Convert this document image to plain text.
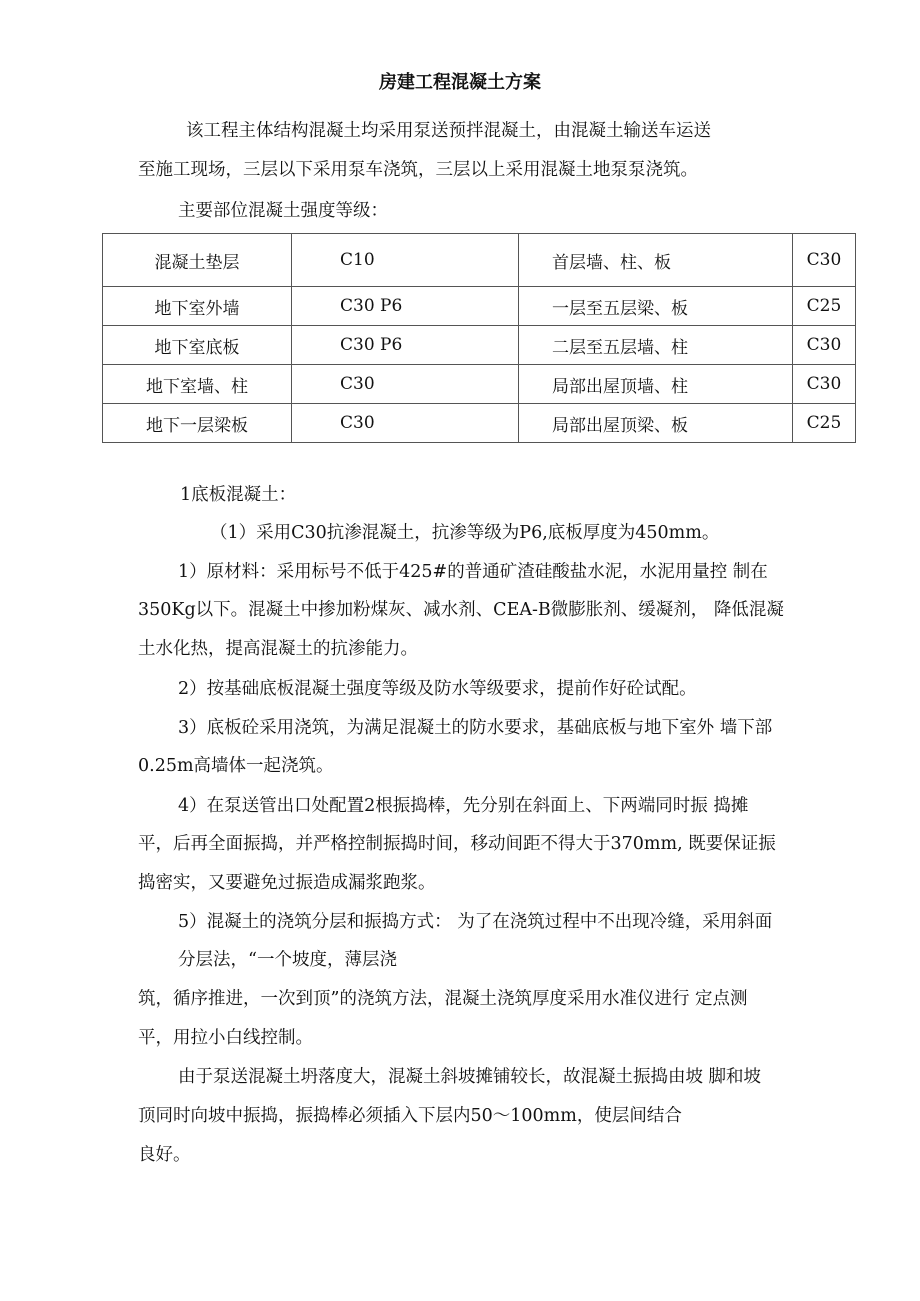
房建工程混凝土方案
该工程主体结构混凝土均采用泵送预拌混凝土，由混凝土输送车运送
至施工现场，三层以下采用泵车浇筑，三层以上采用混凝土地泵泵浇筑。
主要部位混凝土强度等级：
混凝土垫层	C10	首层墙、柱、板	C30
地下室外墙	C30 P6	一层至五层梁、板	C25
地下室底板	C30 P6	二层至五层墙、柱	C30
地下室墙、柱	C30	局部出屋顶墙、柱	C30
地下一层梁板	C30	局部出屋顶梁、板	C25
1底板混凝土：
（1）采用C30抗渗混凝土，抗渗等级为P6,底板厚度为450mm。
1）原材料：采用标号不低于425#的普通矿渣硅酸盐水泥，水泥用量控 制在
350Kg以下。混凝土中掺加粉煤灰、减水剂、CEA-B微膨胀剂、缓凝剂， 降低混凝
土水化热，提高混凝土的抗渗能力。
2）按基础底板混凝土强度等级及防水等级要求，提前作好砼试配。
3）底板砼采用浇筑，为满足混凝土的防水要求，基础底板与地下室外 墙下部
0.25m高墙体一起浇筑。
4）在泵送管出口处配置2根振捣棒，先分别在斜面上、下两端同时振 捣摊
平，后再全面振捣，并严格控制振捣时间，移动间距不得大于370mm, 既要保证振
捣密实，又要避免过振造成漏浆跑浆。
5）混凝土的浇筑分层和振捣方式： 为了在浇筑过程中不出现冷缝，采用斜面
分层法，“一个坡度，薄层浇
筑，循序推进，一次到顶”的浇筑方法，混凝土浇筑厚度采用水准仪进行 定点测
平，用拉小白线控制。
由于泵送混凝土坍落度大，混凝土斜坡摊铺较长，故混凝土振捣由坡 脚和坡
顶同时向坡中振捣，振捣棒必须插入下层内50〜100mm，使层间结合
良好。
